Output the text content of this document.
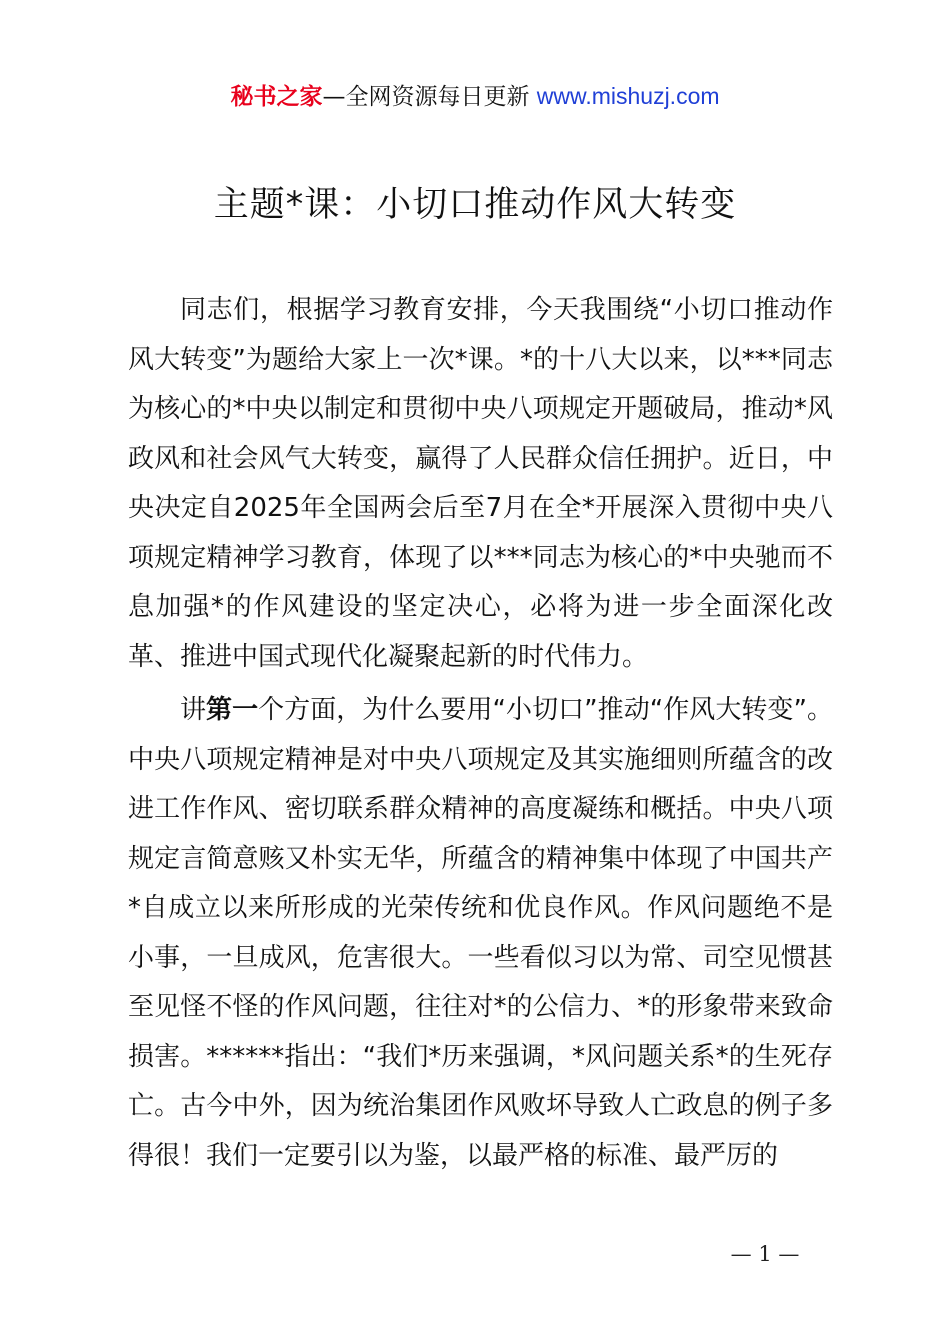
秘书之家—全网资源每日更新 www.mishuzj.com
主题*课：小切口推动作风大转变

同志们，根据学习教育安排，今天我围绕“小切口推动作风大转变”为题给大家上一次*课。*的十八大以来，以***同志为核心的*中央以制定和贯彻中央八项规定开题破局，推动*风政风和社会风气大转变，赢得了人民群众信任拥护。近日，中央决定自2025年全国两会后至7月在全*开展深入贯彻中央八项规定精神学习教育，体现了以***同志为核心的*中央驰而不息加强*的作风建设的坚定决心，必将为进一步全面深化改革、推进中国式现代化凝聚起新的时代伟力。

讲第一个方面，为什么要用“小切口”推动“作风大转变”。中央八项规定精神是对中央八项规定及其实施细则所蕴含的改进工作作风、密切联系群众精神的高度凝练和概括。中央八项规定言简意赅又朴实无华，所蕴含的精神集中体现了中国共产*自成立以来所形成的光荣传统和优良作风。作风问题绝不是小事，一旦成风，危害很大。一些看似习以为常、司空见惯甚至见怪不怪的作风问题，往往对*的公信力、*的形象带来致命损害。******指出：“我们*历来强调，*风问题关系*的生死存亡。古今中外，因为统治集团作风败坏导致人亡政息的例子多得很！我们一定要引以为鉴，以最严格的标准、最严厉的

— 1 —
